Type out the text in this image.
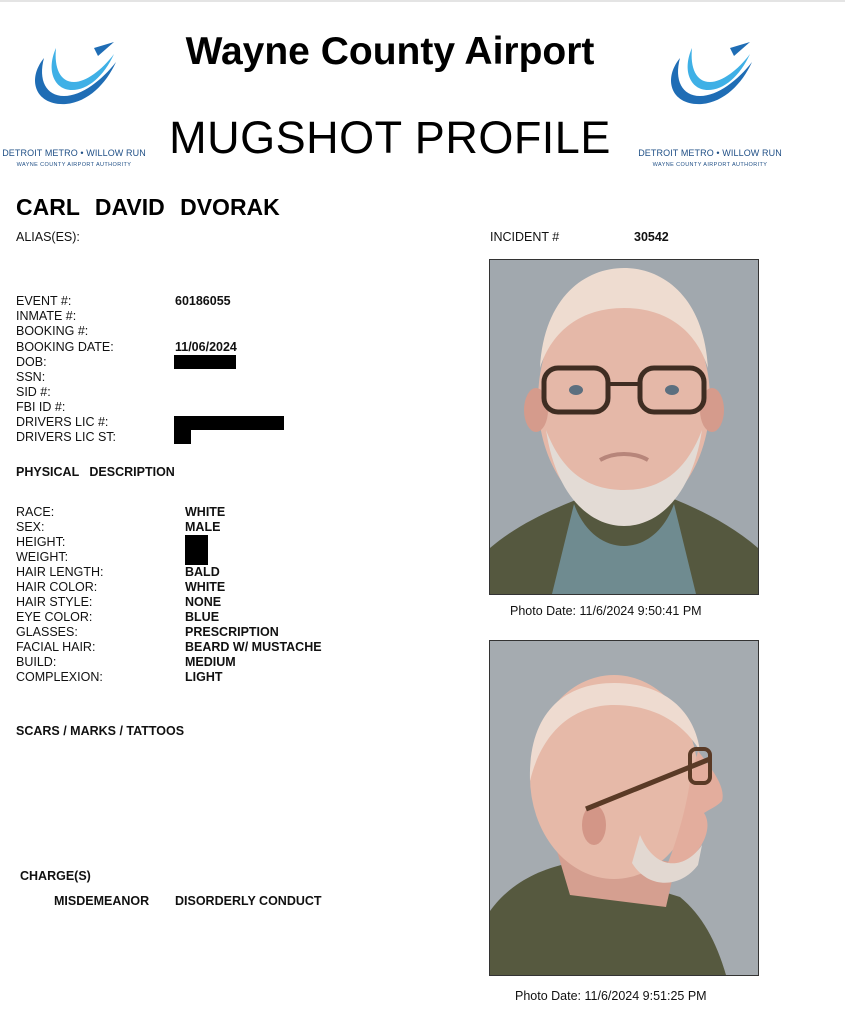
DETROIT METRO • WILLOW RUN
WAYNE COUNTY AIRPORT AUTHORITY
DETROIT METRO • WILLOW RUN
WAYNE COUNTY AIRPORT AUTHORITY
Wayne County Airport
MUGSHOT PROFILE
CARL DAVID DVORAK
ALIAS(ES):	INCIDENT #	30542
EVENT #:	60186055
INMATE #:
BOOKING #:
BOOKING DATE:	11/06/2024
DOB:
SSN:
SID #:
FBI ID #:
DRIVERS LIC #:
DRIVERS LIC ST:
PHYSICAL   DESCRIPTION
RACE:	WHITE
SEX:	MALE
HEIGHT:
WEIGHT:
HAIR LENGTH:	BALD
HAIR COLOR:	WHITE
HAIR STYLE:	NONE
EYE COLOR:	BLUE
GLASSES:	PRESCRIPTION
FACIAL HAIR:	BEARD W/ MUSTACHE
BUILD:	MEDIUM
COMPLEXION:	LIGHT
SCARS / MARKS / TATTOOS
CHARGE(S)
MISDEMEANOR DISORDERLY CONDUCT
Photo Date: 11/6/2024 9:50:41 PM
Photo Date: 11/6/2024 9:51:25 PM
